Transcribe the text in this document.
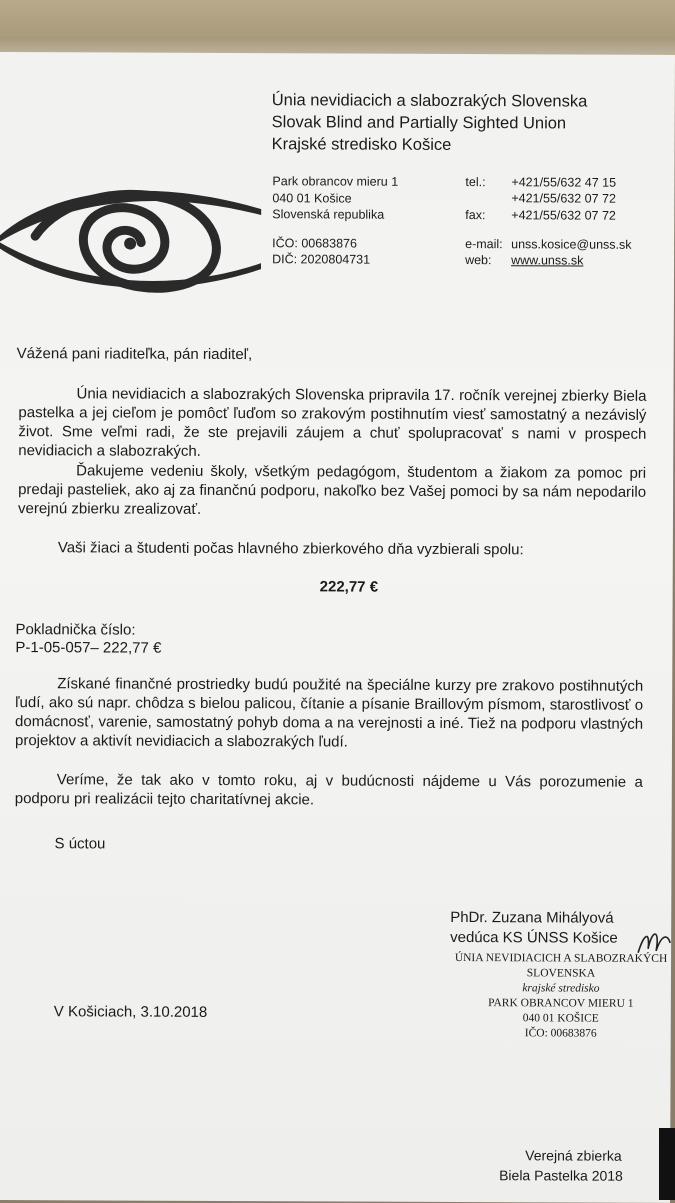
Únia nevidiacich a slabozrakých Slovenska
Slovak Blind and Partially Sighted Union
Krajské stredisko Košice
Park obrancov mieru 1
040 01 Košice
Slovenská republika
IČO: 00683876
DIČ: 2020804731
tel.: +421/55/632 47 15
+421/55/632 07 72
fax: +421/55/632 07 72
e-mail: unss.kosice@unss.sk
web: www.unss.sk
Vážená pani riaditeľka, pán riaditeľ,
Únia nevidiacich a slabozrakých Slovenska pripravila 17. ročník verejnej zbierky Biela pastelka a jej cieľom je pomôcť ľuďom so zrakovým postihnutím viesť samostatný a nezávislý život. Sme veľmi radi, že ste prejavili záujem a chuť spolupracovať s nami v prospech nevidiacich a slabozrakých.
Ďakujeme vedeniu školy, všetkým pedagógom, študentom a žiakom za pomoc pri predaji pasteliek, ako aj za finančnú podporu, nakoľko bez Vašej pomoci by sa nám nepodarilo verejnú zbierku zrealizovať.
Vaši žiaci a študenti počas hlavného zbierkového dňa vyzbierali spolu:
222,77 €
Pokladnička číslo:
P-1-05-057– 222,77 €
Získané finančné prostriedky budú použité na špeciálne kurzy pre zrakovo postihnutých ľudí, ako sú napr. chôdza s bielou palicou, čítanie a písanie Braillovým písmom, starostlivosť o domácnosť, varenie, samostatný pohyb doma a na verejnosti a iné. Tiež na podporu vlastných projektov a aktivít nevidiacich a slabozrakých ľudí.
Veríme, že tak ako v tomto roku, aj v budúcnosti nájdeme u Vás porozumenie a podporu pri realizácii tejto charitatívnej akcie.
S úctou
PhDr. Zuzana Mihályová
vedúca KS ÚNSS Košice
ÚNIA NEVIDIACICH A SLABOZRAKÝCH
SLOVENSKA
krajské stredisko
PARK OBRANCOV MIERU 1
040 01 KOŠICE
IČO: 00683876
V Košiciach, 3.10.2018
Verejná zbierka
Biela Pastelka 2018
